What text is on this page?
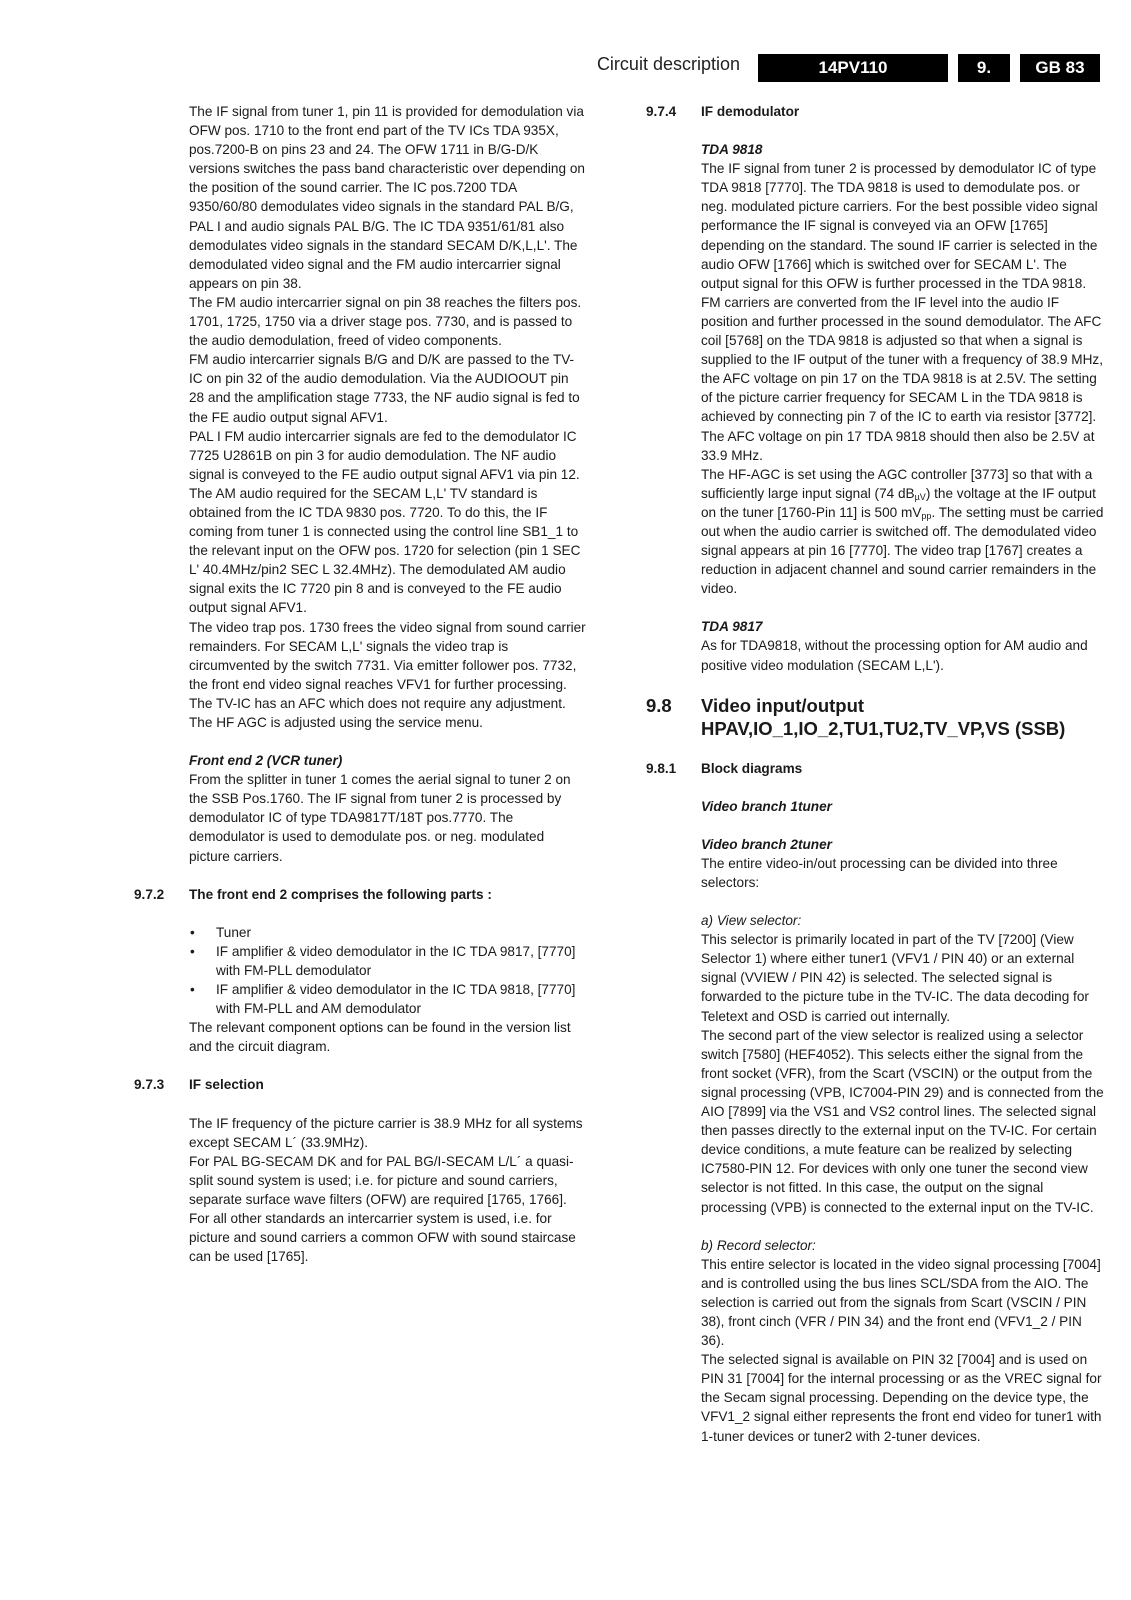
Circuit description	14PV110	9.	GB 83

The IF signal from tuner 1, pin 11 is provided for demodulation via OFW pos. 1710 to the front end part of the TV ICs TDA 935X, pos.7200-B on pins 23 and 24. The OFW 1711 in B/G-D/K versions switches the pass band characteristic over depending on the position of the sound carrier. The IC pos.7200 TDA 9350/60/80 demodulates video signals in the standard PAL B/G, PAL I and audio signals PAL B/G. The IC TDA 9351/61/81 also demodulates video signals in the standard SECAM D/K,L,L'. The demodulated video signal and the FM audio intercarrier signal appears on pin 38.

The FM audio intercarrier signal on pin 38 reaches the filters pos. 1701, 1725, 1750 via a driver stage pos. 7730, and is passed to the audio demodulation, freed of video components.

FM audio intercarrier signals B/G and D/K are passed to the TV-IC on pin 32 of the audio demodulation. Via the AUDIOOUT pin 28 and the amplification stage 7733, the NF audio signal is fed to the FE audio output signal AFV1.

PAL I FM audio intercarrier signals are fed to the demodulator IC 7725 U2861B on pin 3 for audio demodulation. The NF audio signal is conveyed to the FE audio output signal AFV1 via pin 12.

The AM audio required for the SECAM L,L' TV standard is obtained from the IC TDA 9830 pos. 7720. To do this, the IF coming from tuner 1 is connected using the control line SB1_1 to the relevant input on the OFW pos. 1720 for selection (pin 1 SEC L' 40.4MHz/pin2 SEC L 32.4MHz). The demodulated AM audio signal exits the IC 7720 pin 8 and is conveyed to the FE audio output signal AFV1.

The video trap pos. 1730 frees the video signal from sound carrier remainders. For SECAM L,L' signals the video trap is circumvented by the switch 7731. Via emitter follower pos. 7732, the front end video signal reaches VFV1 for further processing. The TV-IC has an AFC which does not require any adjustment. The HF AGC is adjusted using the service menu.

Front end 2 (VCR tuner)

From the splitter in tuner 1 comes the aerial signal to tuner 2 on the SSB Pos.1760. The IF signal from tuner 2 is processed by demodulator IC of type TDA9817T/18T pos.7770. The demodulator is used to demodulate pos. or neg. modulated picture carriers.

9.7.2 The front end 2 comprises the following parts :

• Tuner
• IF amplifier & video demodulator in the IC TDA 9817, [7770] with FM-PLL demodulator
• IF amplifier & video demodulator in the IC TDA 9818, [7770] with FM-PLL and AM demodulator

The relevant component options can be found in the version list and the circuit diagram.

9.7.3 IF selection

The IF frequency of the picture carrier is 38.9 MHz for all systems except SECAM L´ (33.9MHz).

For PAL BG-SECAM DK and for PAL BG/I-SECAM L/L´ a quasi-split sound system is used; i.e. for picture and sound carriers, separate surface wave filters (OFW) are required [1765, 1766]. For all other standards an intercarrier system is used, i.e. for picture and sound carriers a common OFW with sound staircase can be used [1765].

9.7.4 IF demodulator

TDA 9818

The IF signal from tuner 2 is processed by demodulator IC of type TDA 9818 [7770]. The TDA 9818 is used to demodulate pos. or neg. modulated picture carriers. For the best possible video signal performance the IF signal is conveyed via an OFW [1765] depending on the standard. The sound IF carrier is selected in the audio OFW [1766] which is switched over for SECAM L'. The output signal for this OFW is further processed in the TDA 9818. FM carriers are converted from the IF level into the audio IF position and further processed in the sound demodulator. The AFC coil [5768] on the TDA 9818 is adjusted so that when a signal is supplied to the IF output of the tuner with a frequency of 38.9 MHz, the AFC voltage on pin 17 on the TDA 9818 is at 2.5V. The setting of the picture carrier frequency for SECAM L in the TDA 9818 is achieved by connecting pin 7 of the IC to earth via resistor [3772]. The AFC voltage on pin 17 TDA 9818 should then also be 2.5V at 33.9 MHz.

The HF-AGC is set using the AGC controller [3773] so that with a sufficiently large input signal (74 $dB_{\mu V}$) the voltage at the IF output on the tuner [1760-Pin 11] is 500 $mV_{pp}$. The setting must be carried out when the audio carrier is switched off. The demodulated video signal appears at pin 16 [7770]. The video trap [1767] creates a reduction in adjacent channel and sound carrier remainders in the video.

TDA 9817

As for TDA9818, without the processing option for AM audio and positive video modulation (SECAM L,L').

9.8 Video input/output
HPAV,IO_1,IO_2,TU1,TU2,TV_VP,VS (SSB)

9.8.1 Block diagrams

Video branch 1tuner

Video branch 2tuner

The entire video-in/out processing can be divided into three selectors:

a) View selector:

This selector is primarily located in part of the TV [7200] (View Selector 1) where either tuner1 (VFV1 / PIN 40) or an external signal (VVIEW / PIN 42) is selected. The selected signal is forwarded to the picture tube in the TV-IC. The data decoding for Teletext and OSD is carried out internally.

The second part of the view selector is realized using a selector switch [7580] (HEF4052). This selects either the signal from the front socket (VFR), from the Scart (VSCIN) or the output from the signal processing (VPB, IC7004-PIN 29) and is connected from the AIO [7899] via the VS1 and VS2 control lines. The selected signal then passes directly to the external input on the TV-IC. For certain device conditions, a mute feature can be realized by selecting IC7580-PIN 12. For devices with only one tuner the second view selector is not fitted. In this case, the output on the signal processing (VPB) is connected to the external input on the TV-IC.

b) Record selector:

This entire selector is located in the video signal processing [7004] and is controlled using the bus lines SCL/SDA from the AIO. The selection is carried out from the signals from Scart (VSCIN / PIN 38), front cinch (VFR / PIN 34) and the front end (VFV1_2 / PIN 36).

The selected signal is available on PIN 32 [7004] and is used on PIN 31 [7004] for the internal processing or as the VREC signal for the Secam signal processing. Depending on the device type, the VFV1_2 signal either represents the front end video for tuner1 with 1-tuner devices or tuner2 with 2-tuner devices.
